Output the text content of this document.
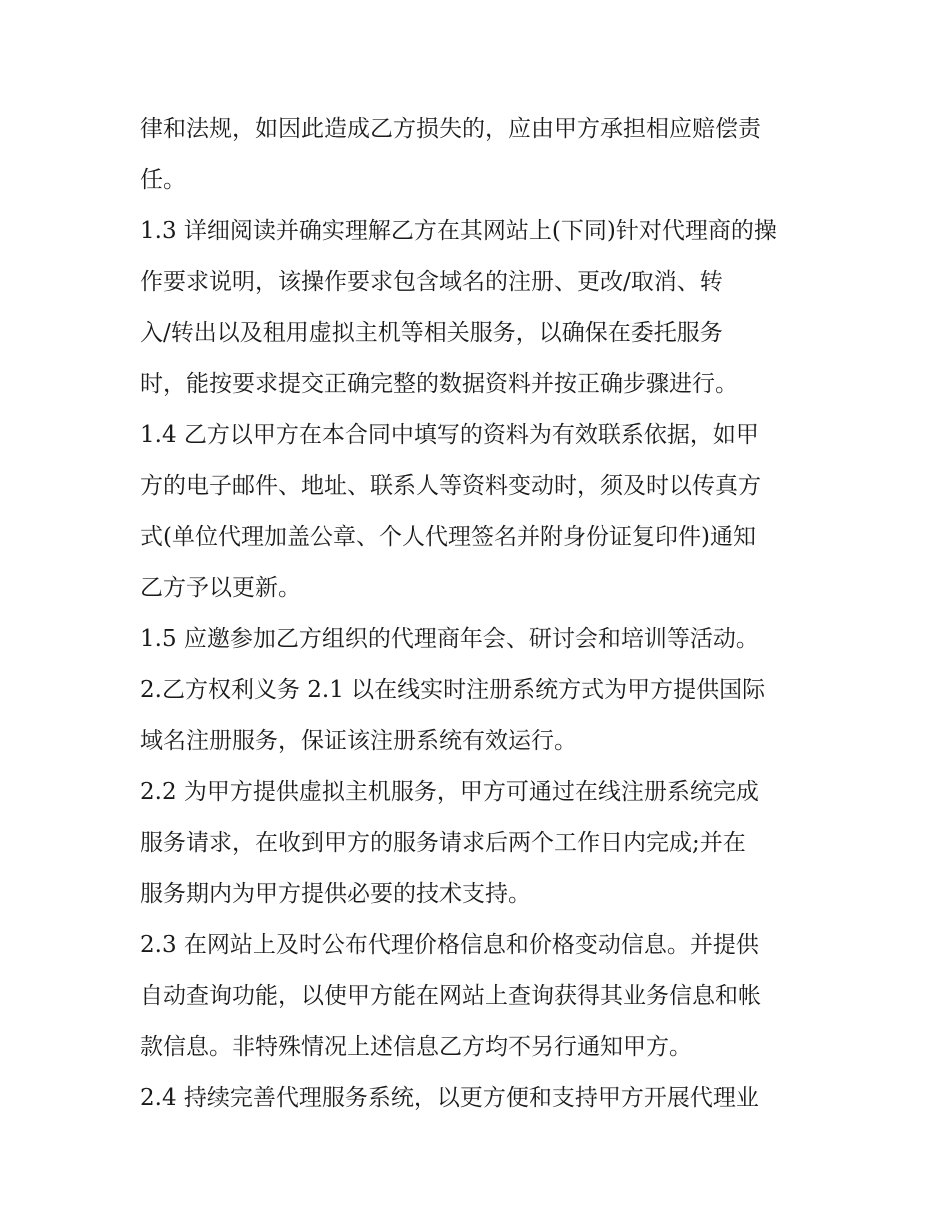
律和法规，如因此造成乙方损失的，应由甲方承担相应赔偿责
任。
1.3 详细阅读并确实理解乙方在其网站上(下同)针对代理商的操
作要求说明，该操作要求包含域名的注册、更改/取消、转
入/转出以及租用虚拟主机等相关服务，以确保在委托服务
时，能按要求提交正确完整的数据资料并按正确步骤进行。
1.4 乙方以甲方在本合同中填写的资料为有效联系依据，如甲
方的电子邮件、地址、联系人等资料变动时，须及时以传真方
式(单位代理加盖公章、个人代理签名并附身份证复印件)通知
乙方予以更新。
1.5 应邀参加乙方组织的代理商年会、研讨会和培训等活动。
2.乙方权利义务 2.1 以在线实时注册系统方式为甲方提供国际
域名注册服务，保证该注册系统有效运行。
2.2 为甲方提供虚拟主机服务，甲方可通过在线注册系统完成
服务请求，在收到甲方的服务请求后两个工作日内完成;并在
服务期内为甲方提供必要的技术支持。
2.3 在网站上及时公布代理价格信息和价格变动信息。并提供
自动查询功能，以使甲方能在网站上查询获得其业务信息和帐
款信息。非特殊情况上述信息乙方均不另行通知甲方。
2.4 持续完善代理服务系统，以更方便和支持甲方开展代理业
